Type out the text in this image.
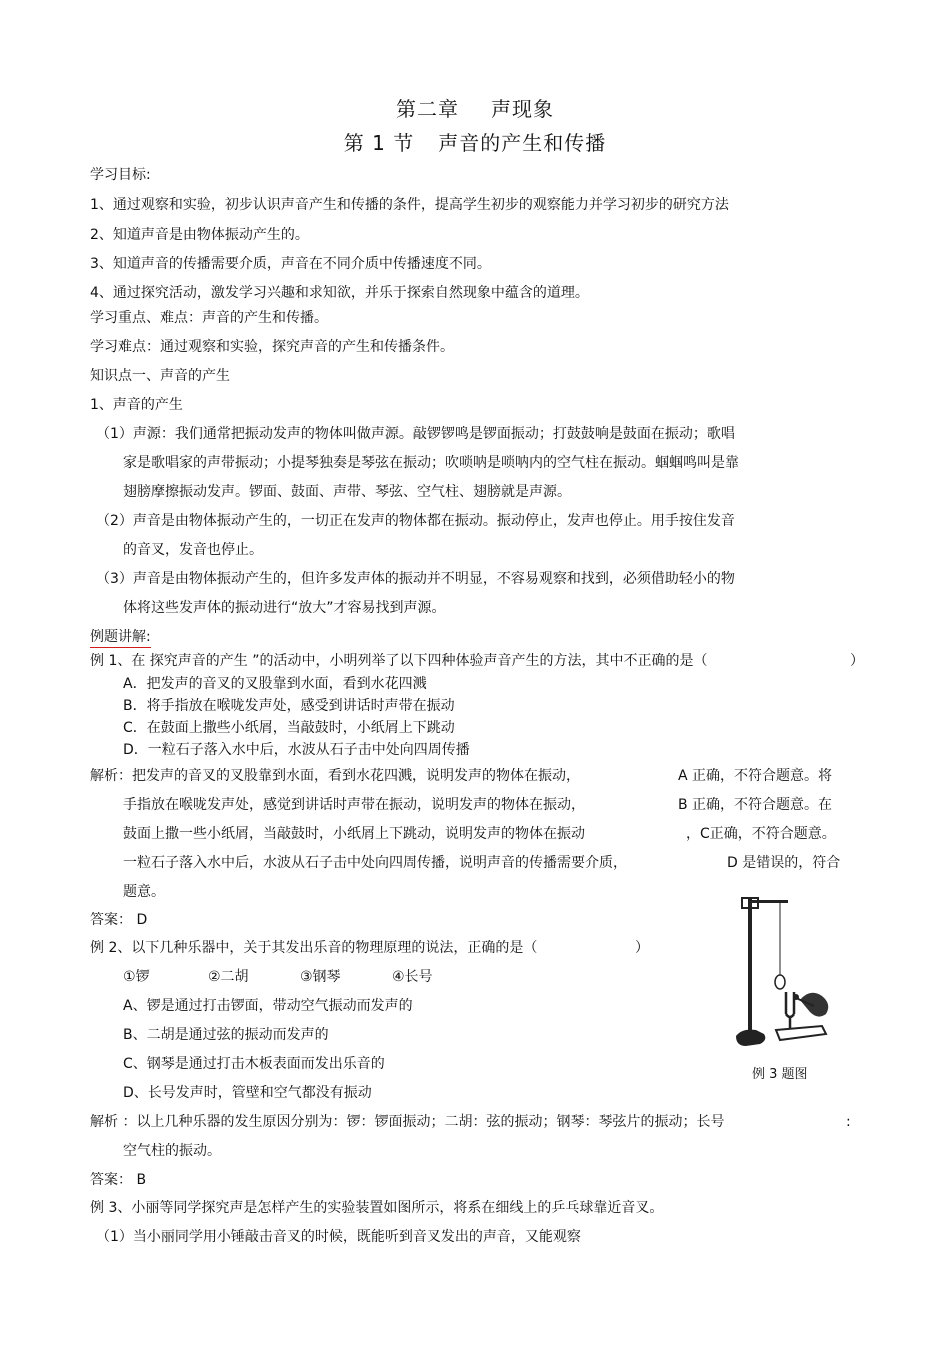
第二章 声现象
第 1 节 声音的产生和传播
学习目标:
1、通过观察和实验，初步认识声音产生和传播的条件，提高学生初步的观察能力并学习初步的研究方法
2、知道声音是由物体振动产生的。
3、知道声音的传播需要介质，声音在不同介质中传播速度不同。
4、通过探究活动，激发学习兴趣和求知欲，并乐于探索自然现象中蕴含的道理。
学习重点、难点：声音的产生和传播。
学习难点：通过观察和实验，探究声音的产生和传播条件。
知识点一、声音的产生
1、声音的产生
（1）声源：我们通常把振动发声的物体叫做声源。敲锣锣鸣是锣面振动；打鼓鼓响是鼓面在振动；歌唱
家是歌唱家的声带振动；小提琴独奏是琴弦在振动；吹唢呐是唢呐内的空气柱在振动。蝈蝈鸣叫是靠
翅膀摩擦振动发声。锣面、鼓面、声带、琴弦、空气柱、翅膀就是声源。
（2）声音是由物体振动产生的，一切正在发声的物体都在振动。振动停止，发声也停止。用手按住发音
的音叉，发音也停止。
（3）声音是由物体振动产生的，但许多发声体的振动并不明显，不容易观察和找到，必须借助轻小的物
体将这些发声体的振动进行“放大”才容易找到声源。
例题讲解:
例 1、在 探究声音的产生 ”的活动中，小明列举了以下四种体验声音产生的方法，其中不正确的是（	）
A．把发声的音叉的叉股靠到水面，看到水花四溅
B．将手指放在喉咙发声处，感受到讲话时声带在振动
C．在鼓面上撒些小纸屑，当敲鼓时，小纸屑上下跳动
D．一粒石子落入水中后，水波从石子击中处向四周传播
解析：把发声的音叉的叉股靠到水面，看到水花四溅，说明发声的物体在振动，	A 正确，不符合题意。将
手指放在喉咙发声处，感觉到讲话时声带在振动，说明发声的物体在振动，	B 正确，不符合题意。在
鼓面上撒一些小纸屑，当敲鼓时，小纸屑上下跳动，说明发声的物体在振动	，C正确，不符合题意。
一粒石子落入水中后，水波从石子击中处向四周传播，说明声音的传播需要介质，	D 是错误的，符合
题意。
答案： D
例 2、以下几种乐器中，关于其发出乐音的物理原理的说法，正确的是（	）
①锣	②二胡	③钢琴	④长号
A、锣是通过打击锣面，带动空气振动而发声的
B、二胡是通过弦的振动而发声的
C、钢琴是通过打击木板表面而发出乐音的
D、长号发声时，管壁和空气都没有振动
解析 ：以上几种乐器的发生原因分别为：锣：锣面振动；二胡：弦的振动；钢琴：琴弦片的振动；长号	:
空气柱的振动。
答案： B
例 3、小丽等同学探究声是怎样产生的实验装置如图所示，将系在细线上的乒乓球靠近音叉。
（1）当小丽同学用小锤敲击音叉的时候，既能听到音叉发出的声音，又能观察
例 3 题图
